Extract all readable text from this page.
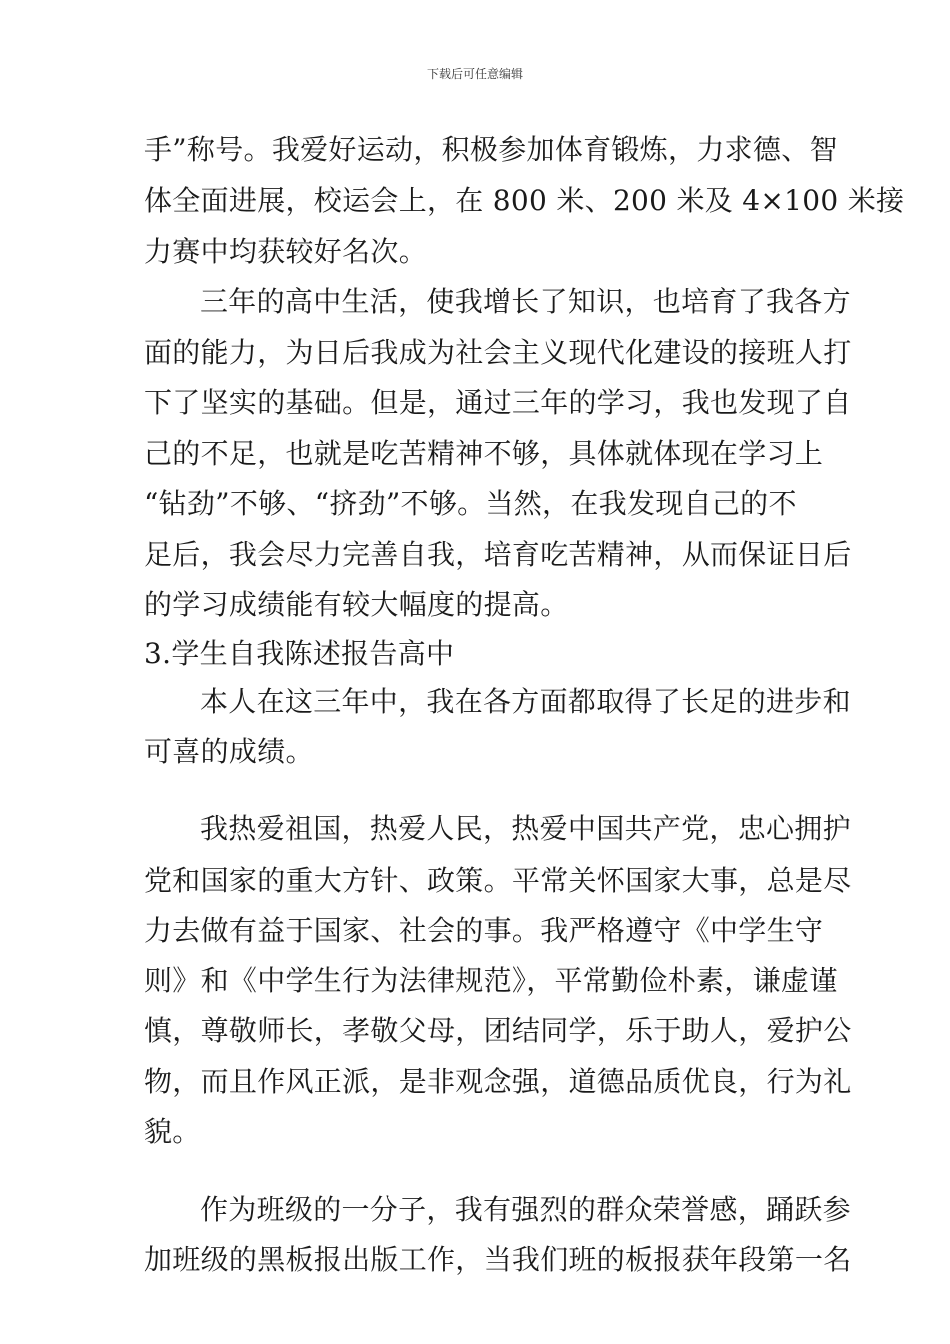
下载后可任意编辑
手”称号。我爱好运动，积极参加体育锻炼，力求德、智
体全面进展，校运会上，在 800 米、200 米及 4×100 米接
力赛中均获较好名次。
三年的高中生活，使我增长了知识，也培育了我各方
面的能力，为日后我成为社会主义现代化建设的接班人打
下了坚实的基础。但是，通过三年的学习，我也发现了自
己的不足，也就是吃苦精神不够，具体就体现在学习上
“钻劲”不够、“挤劲”不够。当然，在我发现自己的不
足后，我会尽力完善自我，培育吃苦精神，从而保证日后
的学习成绩能有较大幅度的提高。
3.学生自我陈述报告高中
本人在这三年中，我在各方面都取得了长足的进步和
可喜的成绩。
我热爱祖国，热爱人民，热爱中国共产党，忠心拥护
党和国家的重大方针、政策。平常关怀国家大事，总是尽
力去做有益于国家、社会的事。我严格遵守《中学生守
则》和《中学生行为法律规范》，平常勤俭朴素，谦虚谨
慎，尊敬师长，孝敬父母，团结同学，乐于助人，爱护公
物，而且作风正派，是非观念强，道德品质优良，行为礼
貌。
作为班级的一分子，我有强烈的群众荣誉感，踊跃参
加班级的黑板报出版工作，当我们班的板报获年段第一名
